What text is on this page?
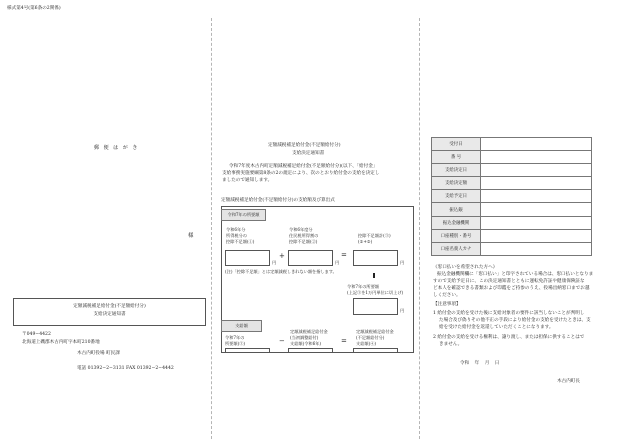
様式第4号(第6条の2関係)
郵 便 は が き
様
定額減税補足給付金(不足額給付分)
支給決定通知書
〒049−4422
北海道上磯郡木古内町字本町210番地
木古内町役場 町民課
電話 01392−2−3131 FAX 01392−2−4442
定額減税補足給付金(不足額給付分)
支給決定通知書
令和7年度木古内町定額減税補足給付金(不足額給付分)(以下、「給付金」
支給事務実施要綱第8条の2の規定により、次のとおり給付金の支給を決定し
ましたので通知します。
定額減税補足給付金(不足額給付分)の支給額及び算出式
令和7年の所要額
令和6年分
所得税分の
控除不足額(①)
円
+
令和6年度分
住民税所得割の
控除不足額(②)
円
=
控除不足額計(③)
(①+②)
円
(注)「控除不足額」とは定額減税しきれない額を指します。
令和7年の所要額
(上記③を1万円単位に切上げ)
円
支給額
令和7年の
所要額(③)	−
定額減税補足給付金
(当初調整給付)
支給額(令和6年)	=
定額減税補足給付金
(不足額給付分)
支給額(④)
受付日	
番 号	
支給決定日	
支給決定額	
支給予定日	
振込銀	
振込金融機関	
口座種別・番号	
口座名義人カナ	
《窓口払いを希望された方へ》
振込金融機関欄に「窓口払い」と印字されている場合は、窓口払いとなりま
すので支給予定日に、この決定通知書とともに運転免許証や健康保険証な
ど本人を確認できる書類および印鑑をご持参のうえ、役場出納窓口までお越
しください。
【注意事項】
1 給付金の支給を受けた後に支給対象者の要件に該当しないことが判明し
た場合及び偽りその他不正の手段により給付金の支給を受けたときは、支
給を受けた給付金を返還していただくことになります。
2 給付金の支給を受ける権利は、譲り渡し、または担保に供することはで
きません。
令和 年 月 日
木古内町長
